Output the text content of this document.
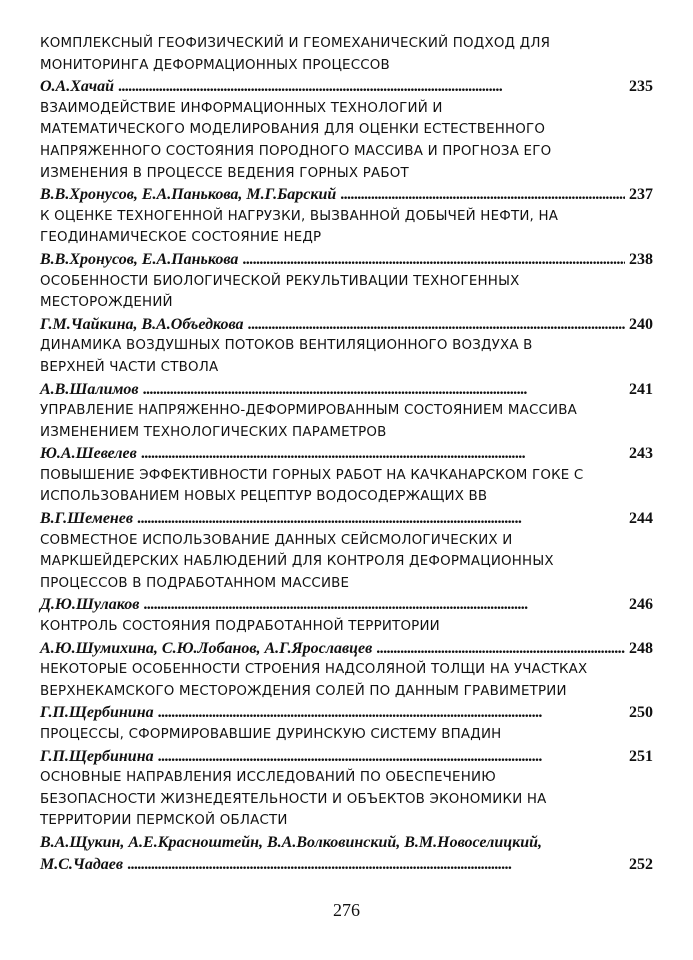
КОМПЛЕКСНЫЙ ГЕОФИЗИЧЕСКИЙ И ГЕОМЕХАНИЧЕСКИЙ ПОДХОД ДЛЯ
МОНИТОРИНГА ДЕФОРМАЦИОННЫХ ПРОЦЕССОВ
О.А.Хачай . . .	235
ВЗАИМОДЕЙСТВИЕ ИНФОРМАЦИОННЫХ ТЕХНОЛОГИЙ И
МАТЕМАТИЧЕСКОГО МОДЕЛИРОВАНИЯ ДЛЯ ОЦЕНКИ ЕСТЕСТВЕННОГО
НАПРЯЖЕННОГО СОСТОЯНИЯ ПОРОДНОГО МАССИВА И ПРОГНОЗА ЕГО
ИЗМЕНЕНИЯ В ПРОЦЕССЕ ВЕДЕНИЯ ГОРНЫХ РАБОТ
В.В.Хронусов, Е.А.Панькова, М.Г.Барский . . .	237
К ОЦЕНКЕ ТЕХНОГЕННОЙ НАГРУЗКИ, ВЫЗВАННОЙ ДОБЫЧЕЙ НЕФТИ, НА
ГЕОДИНАМИЧЕСКОЕ СОСТОЯНИЕ НЕДР
В.В.Хронусов, Е.А.Панькова . . .	238
ОСОБЕННОСТИ БИОЛОГИЧЕСКОЙ РЕКУЛЬТИВАЦИИ ТЕХНОГЕННЫХ
МЕСТОРОЖДЕНИЙ
Г.М.Чайкина, В.А.Объедкова . . .	240
ДИНАМИКА ВОЗДУШНЫХ ПОТОКОВ ВЕНТИЛЯЦИОННОГО ВОЗДУХА В
ВЕРХНЕЙ ЧАСТИ СТВОЛА
А.В.Шалимов . . .	241
УПРАВЛЕНИЕ НАПРЯЖЕННО-ДЕФОРМИРОВАННЫМ СОСТОЯНИЕМ МАССИВА
ИЗМЕНЕНИЕМ ТЕХНОЛОГИЧЕСКИХ ПАРАМЕТРОВ
Ю.А.Шевелев . . .	243
ПОВЫШЕНИЕ ЭФФЕКТИВНОСТИ ГОРНЫХ РАБОТ НА КАЧКАНАРСКОМ ГОКЕ С
ИСПОЛЬЗОВАНИЕМ НОВЫХ РЕЦЕПТУР ВОДОСОДЕРЖАЩИХ ВВ
В.Г.Шеменев . . .	244
СОВМЕСТНОЕ ИСПОЛЬЗОВАНИЕ ДАННЫХ СЕЙСМОЛОГИЧЕСКИХ И
МАРКШЕЙДЕРСКИХ НАБЛЮДЕНИЙ ДЛЯ КОНТРОЛЯ ДЕФОРМАЦИОННЫХ
ПРОЦЕССОВ В ПОДРАБОТАННОМ МАССИВЕ
Д.Ю.Шулаков . . .	246
КОНТРОЛЬ СОСТОЯНИЯ ПОДРАБОТАННОЙ ТЕРРИТОРИИ
А.Ю.Шумихина, С.Ю.Лобанов, А.Г.Ярославцев . . .	248
НЕКОТОРЫЕ ОСОБЕННОСТИ СТРОЕНИЯ НАДСОЛЯНОЙ ТОЛЩИ НА УЧАСТКАХ
ВЕРХНЕКАМСКОГО МЕСТОРОЖДЕНИЯ СОЛЕЙ ПО ДАННЫМ ГРАВИМЕТРИИ
Г.П.Щербинина . . .	250
ПРОЦЕССЫ, СФОРМИРОВАВШИЕ ДУРИНСКУЮ СИСТЕМУ ВПАДИН
Г.П.Щербинина . . .	251
ОСНОВНЫЕ НАПРАВЛЕНИЯ ИССЛЕДОВАНИЙ ПО ОБЕСПЕЧЕНИЮ
БЕЗОПАСНОСТИ ЖИЗНЕДЕЯТЕЛЬНОСТИ И ОБЪЕКТОВ ЭКОНОМИКИ НА
ТЕРРИТОРИИ ПЕРМСКОЙ ОБЛАСТИ
В.А.Щукин, А.Е.Красноштейн, В.А.Волковинский, В.М.Новоселицкий,
М.С.Чадаев . . .	252
276
